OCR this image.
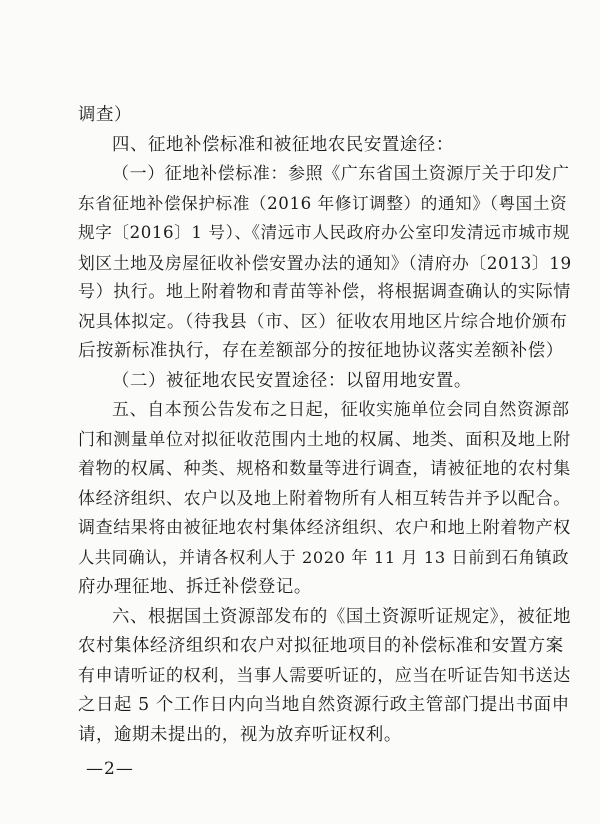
调查）
四、征地补偿标准和被征地农民安置途径：
（一）征地补偿标准：参照《广东省国土资源厅关于印发广
东省征地补偿保护标准（2016 年修订调整）的通知》（粤国土资
规字〔2016〕1 号）、《清远市人民政府办公室印发清远市城市规
划区土地及房屋征收补偿安置办法的通知》（清府办〔2013〕19
号）执行。地上附着物和青苗等补偿，将根据调查确认的实际情
况具体拟定。（待我县（市、区）征收农用地区片综合地价颁布
后按新标准执行，存在差额部分的按征地协议落实差额补偿）
（二）被征地农民安置途径：以留用地安置。
五、自本预公告发布之日起，征收实施单位会同自然资源部
门和测量单位对拟征收范围内土地的权属、地类、面积及地上附
着物的权属、种类、规格和数量等进行调查，请被征地的农村集
体经济组织、农户以及地上附着物所有人相互转告并予以配合。
调查结果将由被征地农村集体经济组织、农户和地上附着物产权
人共同确认，并请各权利人于 2020 年 11 月 13 日前到石角镇政
府办理征地、拆迁补偿登记。
六、根据国土资源部发布的《国土资源听证规定》，被征地
农村集体经济组织和农户对拟征地项目的补偿标准和安置方案
有申请听证的权利，当事人需要听证的，应当在听证告知书送达
之日起 5 个工作日内向当地自然资源行政主管部门提出书面申
请，逾期未提出的，视为放弃听证权利。
—2—
